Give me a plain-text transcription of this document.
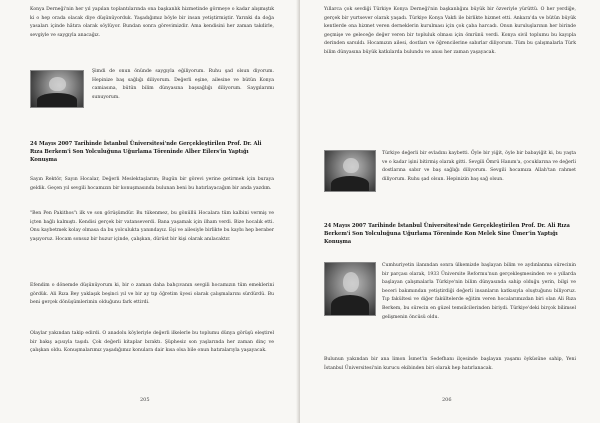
Konya Derneği'nin her yıl yapılan toplantılarında ona başkanlık hizmetinde görmeye o kadar alışmıştık ki o hep orada olacak diye düşünüyorduk. Yaşadığımız böyle bir insan yetiştirmiştir. Yarınki da doğa yasaları içinde hâtıra olarak söylüyor. Bundan sonra görevimizdir. Ama kendisini her zaman takdirle, sevgiyle ve saygıyla anacağız.

Şimdi de onun önünde saygıyla eğiliyorum. Ruhu şad olsun diyorum. Hepinize baş sağlığı diliyorum. Değerli eşine, ailesine ve bütün Konya camiasına, bütün bilim dünyasına başsağlığı diliyorum. Saygılarımı sunuyorum.

24 Mayıs 2007 Tarihinde İstanbul Üniversitesi'nde Gerçekleştirilen Prof. Dr. Ali Rıza Berkem'i Son Yolculuğuna Uğurlama Töreninde Alber Eilers'in Yaptığı Konuşma

Sayın Rektör, Sayın Hocalar, Değerli Meslektaşlarım; Bugün bir görevi yerine getirmek için buraya geldik. Geçen yıl sevgili hocamızın bir konuşmasında bulunan beni bu hatırlayacağım bir anda yazdım.

"Ben Pen Pakithos"ı ilk ve son görüşümdür. Bu tükenmez, bu gönüllü Hocalara tüm kalbini vermiş ve içten bağlı kalmıştı. Kendisi gerçek bir vatanseverdi. Bana yaşamak için ilham verdi. Bize hocalık etti. Onu kaybetmek kolay olmasa da bu yolculukta yanındayız. Eşi ve ailesiyle birlikte bu kaybı hep beraber yaşıyoruz. Hocam sonsuz bir huzur içinde, çalışkan, dürüst bir kişi olarak anılacaktır.

Efendim o dönemde düşünüyorum ki, bir o zaman daha bahçıvanın sevgili hocamızın tüm emeklerini gördük. Ali Rıza Bey yaklaşık beşinci yıl ve bir ay tıp öğretim üyesi olarak çalışmalarını sürdürdü. Bu beni gerçek dönüşümlerimin olduğunu fark ettirdi.

Olaylar yakından takip edirdi. O anadolu köyleriyle değerli ilkelerle bu toplumu dünya görüşü eleştirel bir bakış açısıyla taşıdı. Çok değerli kitaplar bıraktı. Şüphesiz son yaşlarında her zaman dinç ve çalışkan oldu. Konuşmalarımız yaşadığımız konulara dair kısa olsa bile onun hatıralarıyla yaşayacak.

205

Yıllarca çok sevdiği Türkiye Konya Derneği'nin başkanlığını büyük bir özveriyle yürüttü. O her yerdiğe, gerçek bir yurtsever olarak yaşadı. Türkiye Konya Vakfı ile birlikte hizmet etti. Ankara'da ve bütün büyük kentlerde ona hizmet veren derneklerin kurulması için çok çaba harcadı. Onun kuruluşlarının her birinde geçmişe ve geleceğe değer veren bir topluluk olması için ömrünü verdi. Konya sivil toplumu bu kayıpla derinden sarsıldı. Hocamızın ailesi, dostları ve öğrencilerine sabırlar diliyorum. Tüm bu çalışmalarla Türk bilim dünyasına büyük katkılarda bulundu ve anısı her zaman yaşayacak.

Türkiye değerli bir evladını kaybetti. Öyle bir yiğit, öyle bir babayiğit ki, bu yaşta ve o kadar işini bitirmiş olarak gitti. Sevgili Ömrü Hanım'a, çocuklarına ve değerli dostlarına sabır ve baş sağlığı diliyorum. Sevgili hocamıza Allah'tan rahmet diliyorum. Ruhu şad olsun. Hepinizin baş sağ olsun.

24 Mayıs 2007 Tarihinde İstanbul Üniversitesi'nde Gerçekleştirilen Prof. Dr. Ali Rıza Berkem'i Son Yolculuğuna Uğurlama Töreninde Kon Melek Sine Ümer'in Yaptığı Konuşma

Cumhuriyetin ilanından sonra ülkemizde başlayan bilim ve aydınlanma sürecinin bir parçası olarak, 1933 Üniversite Reformu'nun gerçekleşmesinden ve o yıllarda başlayan çalışmalarla Türkiye'nin bilim dünyasında sahip olduğu yerin, bilgi ve beceri bakımından yetiştirdiği değerli insanların katkısıyla oluştuğunu biliyoruz. Tıp fakültesi ve diğer fakültelerde eğitim veren hocalarımızdan biri olan Ali Rıza Berkem, bu sürecin en güzel temsilcilerinden biriydi. Türkiye'deki birçok bilimsel gelişmenin öncüsü oldu.

Bulunun yakından bir ana limon İsmet'in Sedefhanı ilçesinde başlayan yaşamı öyküsüne sahip, Yeni İstanbul Üniversitesi'nin kurucu ekibinden biri olarak hep hatırlanacak.

206
